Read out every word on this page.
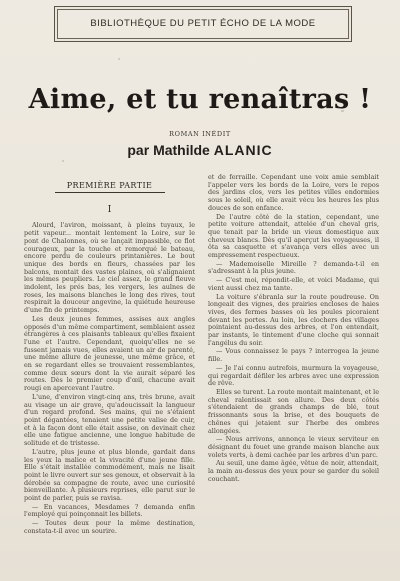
BIBLIOTHÈQUE DU PETIT ÉCHO DE LA MODE
Aime, et tu renaîtras !
ROMAN INÉDIT
par Mathilde ALANIC
PREMIÈRE PARTIE
I

Alourd, l'aviron, moissant, à pleins tuyaux, le petit vapeur... montait lentement la Loire, sur le pont de Chalonnes, où se lançait impassible, ce flot courageux, par la touche et remorqué le bateau, encore perdu de couleurs printanières. Le bout unique des bords en fleurs, chassées par les balcons, montait des vastes plaines, où s'alignaient les mêmes peupliers. Le ciel assez, le grand fleuve indolent, les prés bas, les vergers, les aulnes de roses, les maisons blanches le long des rives, tout respirait la douceur angevine, la quiétude heureuse d'une fin de printemps.

Les deux jeunes femmes, assises aux angles opposés d'un même compartiment, semblaient assez étrangères à ces plaisants tableaux qu'elles fixaient l'une et l'autre. Cependant, quoiqu'elles ne se fussent jamais vues, elles avaient un air de parenté, une même allure de jeunesse, une même grâce, et en se regardant elles se trouvaient ressemblantes, comme deux sœurs dont la vie aurait séparé les routes. Dès le premier coup d'œil, chacune avait rougi en apercevant l'autre.

L'une, d'environ vingt-cinq ans, très brune, avait au visage un air grave, qu'adoucissait la langueur d'un regard profond. Ses mains, qui ne s'étaient point dégantées, tenaient une petite valise de cuir, et à la façon dont elle était assise, on devinait chez elle une fatigue ancienne, une longue habitude de solitude et de tristesse.

L'autre, plus jeune et plus blonde, gardait dans les yeux la malice et la vivacité d'une jeune fille. Elle s'était installée commodément, mais ne lisait point le livre ouvert sur ses genoux, et observait à la dérobée sa compagne de route, avec une curiosité bienveillante. À plusieurs reprises, elle parut sur le point de parler, puis se ravisa.

— En vacances, Mesdames ? demanda enfin l'employé qui poinçonnait les billets.

— Toutes deux pour la même destination, constata-t-il avec un sourire.

et de ferraille. Cependant une voix amie semblait l'appeler vers les bords de la Loire, vers le repos des jardins clos, vers les petites villes endormies sous le soleil, où elle avait vécu les heures les plus douces de son enfance.

De l'autre côté de la station, cependant, une petite voiture attendait, attelée d'un cheval gris, que tenait par la bride un vieux domestique aux cheveux blancs. Dès qu'il aperçut les voyageuses, il ôta sa casquette et s'avança vers elles avec un empressement respectueux.

— Mademoiselle Mireille ? demanda-t-il en s'adressant à la plus jeune.

— C'est moi, répondit-elle, et voici Madame, qui vient aussi chez ma tante.

La voiture s'ébranla sur la route poudreuse. On longeait des vignes, des prairies encloses de haies vives, des fermes basses où les poules picoraient devant les portes. Au loin, les clochers des villages pointaient au-dessus des arbres, et l'on entendait, par instants, le tintement d'une cloche qui sonnait l'angélus du soir.

— Vous connaissez le pays ? interrogea la jeune fille.

— Je l'ai connu autrefois, murmura la voyageuse, qui regardait défiler les arbres avec une expression de rêve.

Elles se turent. La route montait maintenant, et le cheval ralentissait son allure. Des deux côtés s'étendaient de grands champs de blé, tout frissonnants sous la brise, et des bouquets de chênes qui jetaient sur l'herbe des ombres allongées.

— Nous arrivons, annonça le vieux serviteur en désignant du fouet une grande maison blanche aux volets verts, à demi cachée par les arbres d'un parc.

Au seuil, une dame âgée, vêtue de noir, attendait, la main au-dessus des yeux pour se garder du soleil couchant.
